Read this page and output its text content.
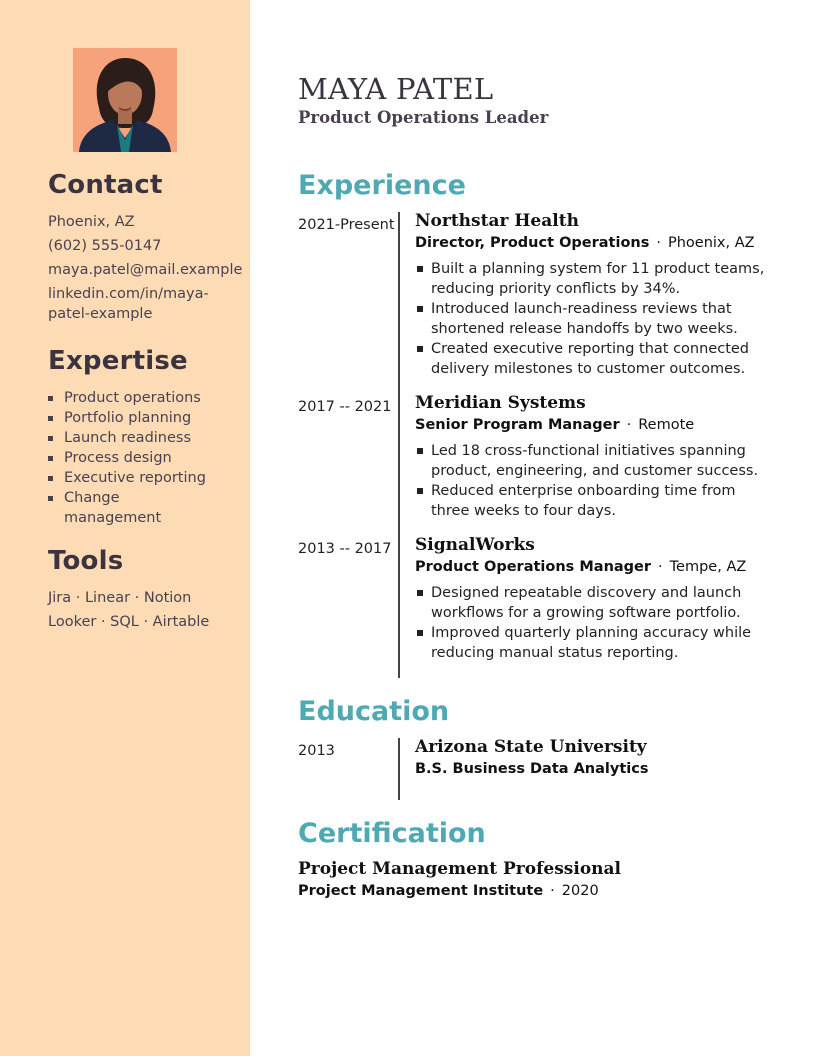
Contact
Phoenix, AZ
(602) 555-0147
maya.patel@mail.example
linkedin.com/in/maya-
patel-example
Expertise
Product operations
Portfolio planning
Launch readiness
Process design
Executive reporting
Change
management
Tools
Jira · Linear · Notion
Looker · SQL · Airtable
MAYA PATEL
Product Operations Leader
Experience
2021-Present Northstar Health
Director, Product Operations · Phoenix, AZ
Built a planning system for 11 product teams, reducing priority conflicts by 34%.
Introduced launch-readiness reviews that shortened release handoffs by two weeks.
Created executive reporting that connected delivery milestones to customer outcomes.
2017 -- 2021 Meridian Systems
Senior Program Manager · Remote
Led 18 cross-functional initiatives spanning product, engineering, and customer success.
Reduced enterprise onboarding time from three weeks to four days.
2013 -- 2017 SignalWorks
Product Operations Manager · Tempe, AZ
Designed repeatable discovery and launch workflows for a growing software portfolio.
Improved quarterly planning accuracy while reducing manual status reporting.
Education
2013	Arizona State University
B.S. Business Data Analytics
Certification
Project Management Professional
Project Management Institute · 2020
